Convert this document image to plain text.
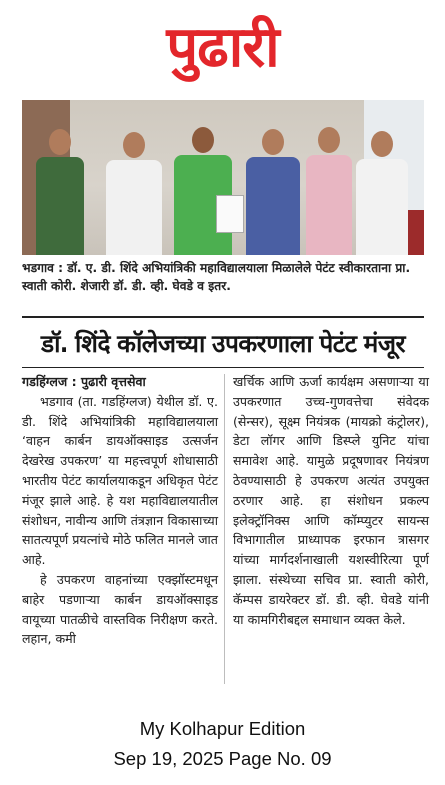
पुढारी
भडगाव : डॉ. ए. डी. शिंदे अभियांत्रिकी महाविद्यालयाला मिळालेले पेटंट स्वीकारताना प्रा. स्वाती कोरी. शेजारी डॉ. डी. व्ही. घेवडे व इतर.
डॉ. शिंदे कॉलेजच्या उपकरणाला पेटंट मंजूर

गडहिंग्लज : पुढारी वृत्तसेवा

भडगाव (ता. गडहिंग्लज) येथील डॉ. ए. डी. शिंदे अभियांत्रिकी महाविद्यालयाला ‘वाहन कार्बन डायऑक्साइड उत्सर्जन देखरेख उपकरण’ या महत्त्वपूर्ण शोधासाठी भारतीय पेटंट कार्यालयाकडून अधिकृत पेटंट मंजूर झाले आहे. हे यश महाविद्यालयातील संशोधन, नावीन्य आणि तंत्रज्ञान विकासाच्या सातत्यपूर्ण प्रयत्नांचे मोठे फलित मानले जात आहे.

हे उपकरण वाहनांच्या एक्झॉस्टमधून बाहेर पडणाऱ्या कार्बन डायऑक्साइड वायूच्या पातळीचे वास्तविक निरीक्षण करते. लहान, कमी

खर्चिक आणि ऊर्जा कार्यक्षम असणाऱ्या या उपकरणात उच्च-गुणवत्तेचा संवेदक (सेन्सर), सूक्ष्म नियंत्रक (मायक्रो कंट्रोलर), डेटा लॉगर आणि डिस्प्ले युनिट यांचा समावेश आहे. यामुळे प्रदूषणावर नियंत्रण ठेवण्यासाठी हे उपकरण अत्यंत उपयुक्त ठरणार आहे. हा संशोधन प्रकल्प इलेक्ट्रॉनिक्स आणि कॉम्प्युटर सायन्स विभागातील प्राध्यापक इरफान त्रासगर यांच्या मार्गदर्शनाखाली यशस्वीरित्या पूर्ण झाला. संस्थेच्या सचिव प्रा. स्वाती कोरी, कॅम्पस डायरेक्टर डॉ. डी. व्ही. घेवडे यांनी या कामगिरीबद्दल समाधान व्यक्त केले.

My Kolhapur Edition
Sep 19, 2025 Page No. 09
